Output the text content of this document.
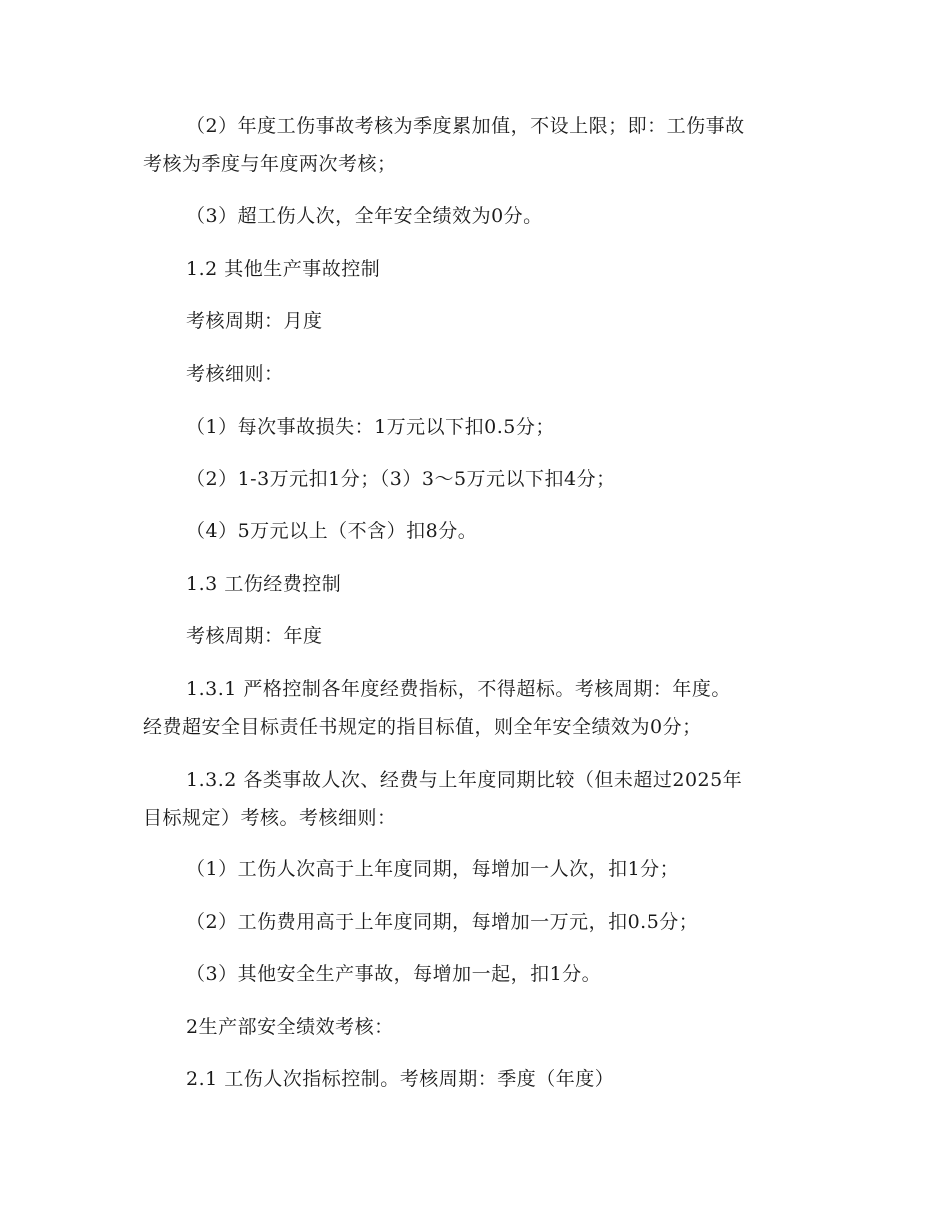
（2）年度工伤事故考核为季度累加值，不设上限；即：工伤事故
考核为季度与年度两次考核；
（3）超工伤人次，全年安全绩效为0分。
1.2 其他生产事故控制
考核周期：月度
考核细则：
（1）每次事故损失：1万元以下扣0.5分；
（2）1-3万元扣1分；（3）3～5万元以下扣4分；
（4）5万元以上（不含）扣8分。
1.3 工伤经费控制
考核周期：年度
1.3.1 严格控制各年度经费指标，不得超标。考核周期：年度。
经费超安全目标责任书规定的指目标值，则全年安全绩效为0分；
1.3.2 各类事故人次、经费与上年度同期比较（但未超过2025年
目标规定）考核。考核细则：
（1）工伤人次高于上年度同期，每增加一人次，扣1分；
（2）工伤费用高于上年度同期，每增加一万元，扣0.5分；
（3）其他安全生产事故，每增加一起，扣1分。
2生产部安全绩效考核：
2.1 工伤人次指标控制。考核周期：季度（年度）
